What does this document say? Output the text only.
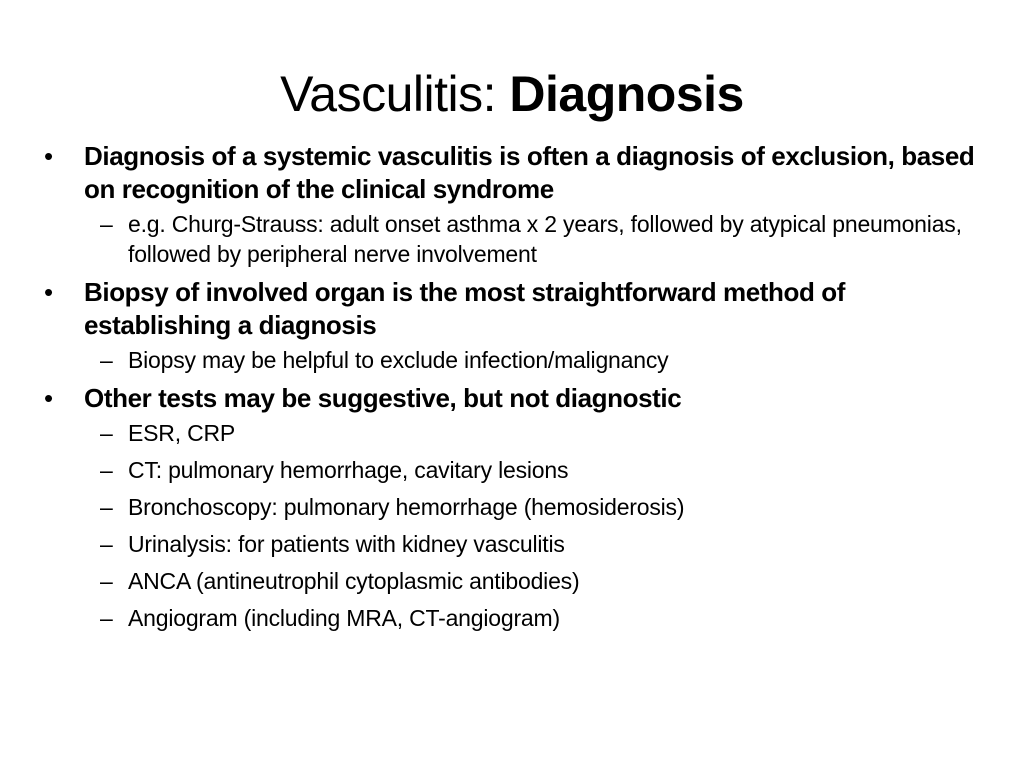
Vasculitis: Diagnosis
•	Diagnosis of a systemic vasculitis is often a diagnosis of exclusion, based on recognition of the clinical syndrome
– e.g. Churg-Strauss: adult onset asthma x 2 years, followed by atypical pneumonias, followed by peripheral nerve involvement
•	Biopsy of involved organ is the most straightforward method of establishing a diagnosis
– Biopsy may be helpful to exclude infection/malignancy
•	Other tests may be suggestive, but not diagnostic
– ESR, CRP
– CT: pulmonary hemorrhage, cavitary lesions
– Bronchoscopy: pulmonary hemorrhage (hemosiderosis)
– Urinalysis: for patients with kidney vasculitis
– ANCA (antineutrophil cytoplasmic antibodies)
– Angiogram (including MRA, CT-angiogram)
